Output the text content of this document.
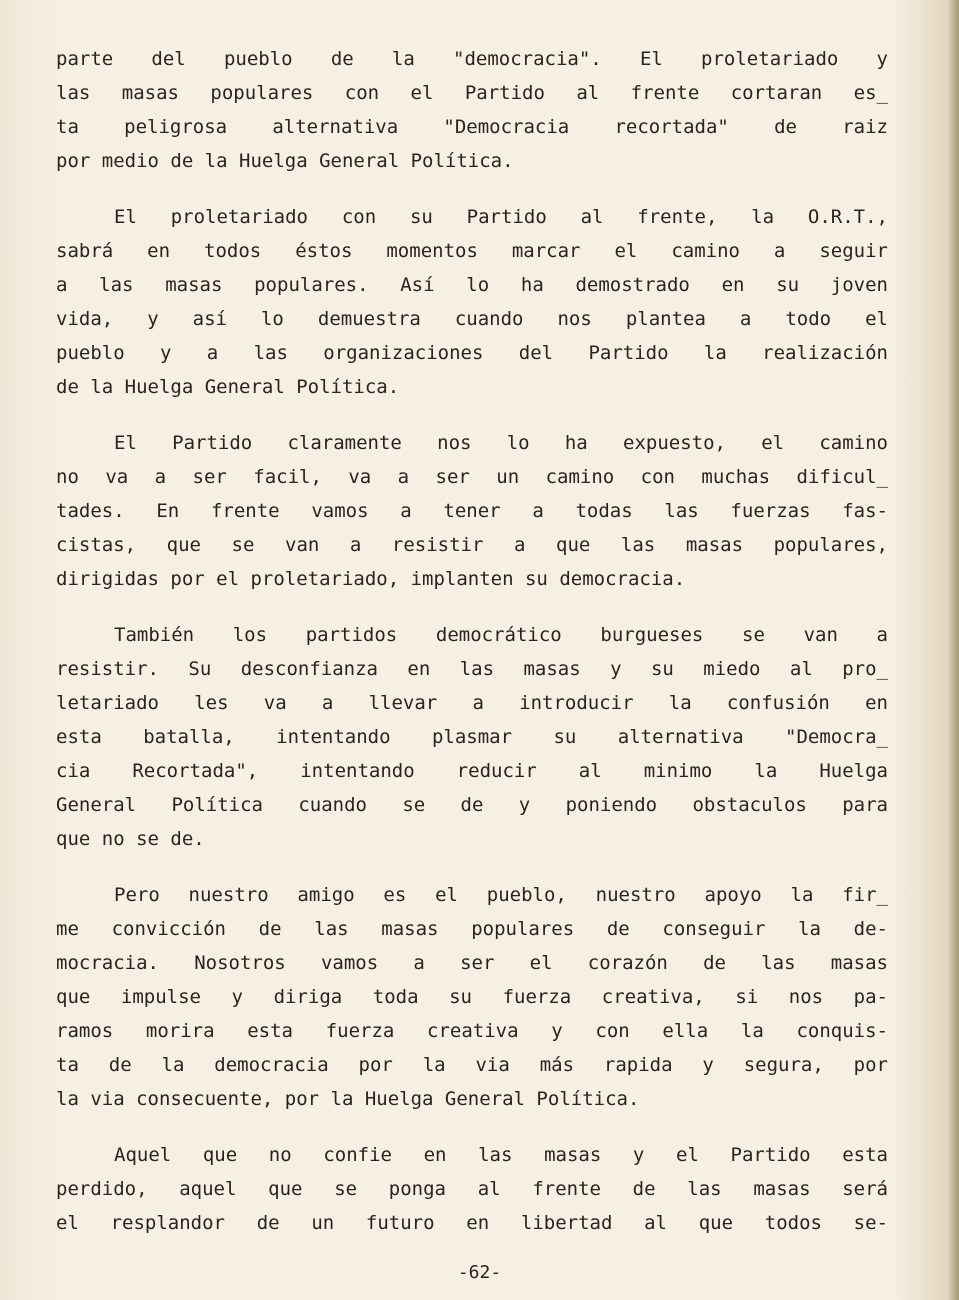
parte del pueblo de la "democracia". El proletariado y
las masas populares con el Partido al frente cortaran es_
ta peligrosa alternativa "Democracia recortada" de raiz
por medio de la Huelga General Política.
El proletariado con su Partido al frente, la O.R.T.,
sabrá en todos éstos momentos marcar el camino a seguir
a las masas populares. Así lo ha demostrado en su joven
vida, y así lo demuestra cuando nos plantea a todo el
pueblo y a las organizaciones del Partido la realización
de la Huelga General Política.
El Partido claramente nos lo ha expuesto, el camino
no va a ser facil, va a ser un camino con muchas dificul_
tades. En frente vamos a tener a todas las fuerzas fas-
cistas, que se van a resistir a que las masas populares,
dirigidas por el proletariado, implanten su democracia.
También los partidos democrático burgueses se van a
resistir. Su desconfianza en las masas y su miedo al pro_
letariado les va a llevar a introducir la confusión en
esta batalla, intentando plasmar su alternativa "Democra_
cia Recortada", intentando reducir al minimo la Huelga
General Política cuando se de y poniendo obstaculos para
que no se de.
Pero nuestro amigo es el pueblo, nuestro apoyo la fir_
me convicción de las masas populares de conseguir la de-
mocracia. Nosotros vamos a ser el corazón de las masas
que impulse y diriga toda su fuerza creativa, si nos pa-
ramos morira esta fuerza creativa y con ella la conquis-
ta de la democracia por la via más rapida y segura, por
la via consecuente, por la Huelga General Política.
Aquel que no confie en las masas y el Partido esta
perdido, aquel que se ponga al frente de las masas será
el resplandor de un futuro en libertad al que todos se-
-62-
